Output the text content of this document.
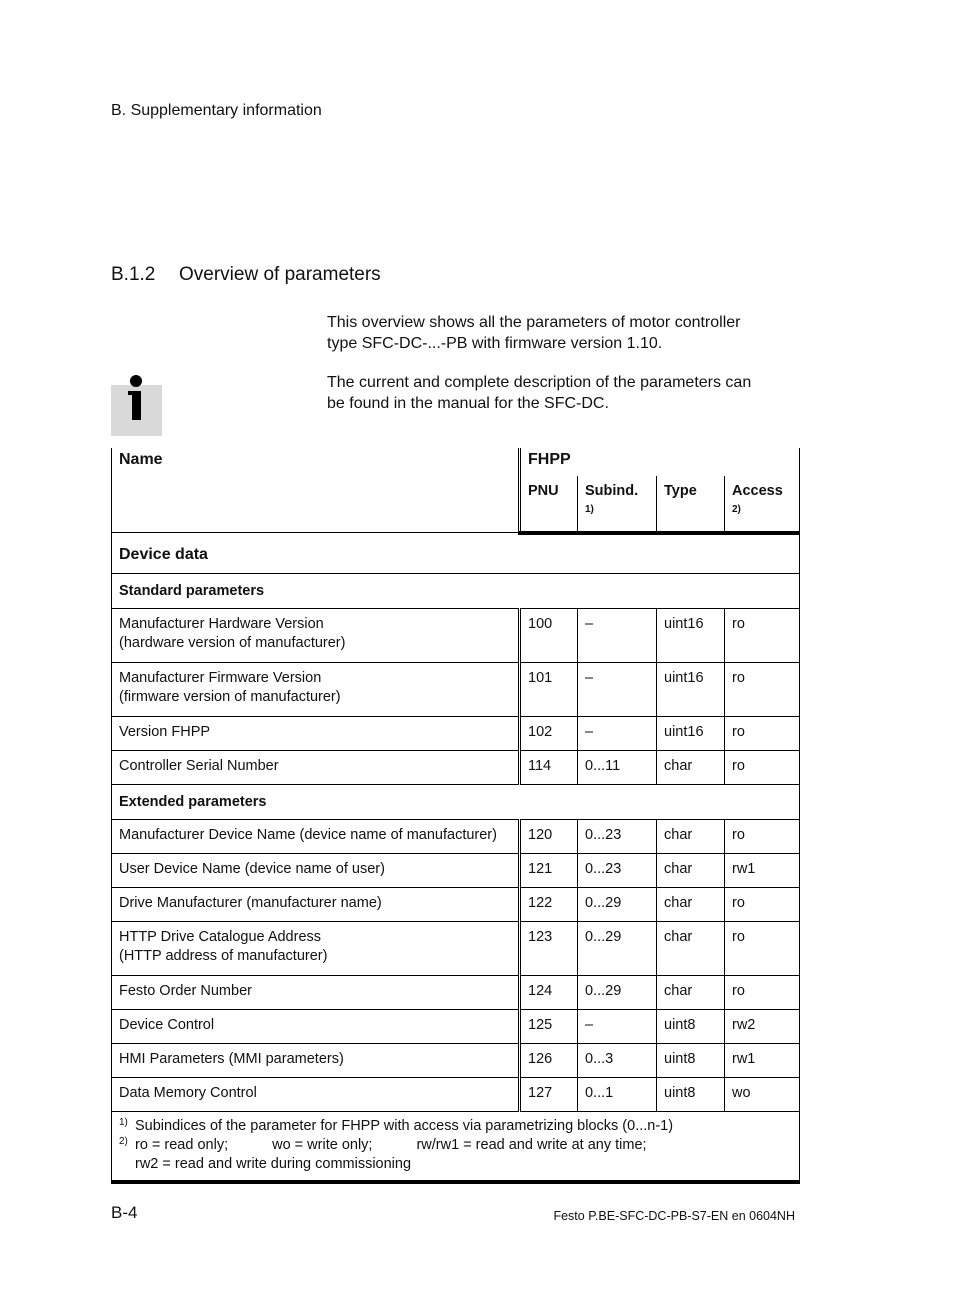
B. Supplementary information
B.1.2 Overview of parameters
This overview shows all the parameters of motor controller
type SFC-DC-...-PB with firmware version 1.10.
The current and complete description of the parameters can
be found in the manual for the SFC-DC.
Name	FHPP			
	PNU	Subind. $^{1)}$	Type	Access $^{2)}$
Device data				
Standard parameters				

Manufacturer Hardware Version
(hardware version of manufacturer)	100	–	uint16	ro

Manufacturer Firmware Version
(firmware version of manufacturer)	101	–	uint16	ro

Version FHPP	102	–	uint16	ro

Controller Serial Number	114	0...11	char	ro
Extended parameters				

Manufacturer Device Name (device name of manufacturer)	120	0...23	char	ro

User Device Name (device name of user)	121	0...23	char	rw1

Drive Manufacturer (manufacturer name)	122	0...29	char	ro

HTTP Drive Catalogue Address
(HTTP address of manufacturer)	123	0...29	char	ro

Festo Order Number	124	0...29	char	ro

Device Control	125	–	uint8	rw2

HMI Parameters (MMI parameters)	126	0...3	uint8	rw1

Data Memory Control	127	0...1	uint8	wo

1) Subindices of the parameter for FHPP with access via parametrizing blocks (0...n-1)
2) ro = read only; wo = write only; rw/rw1 = read and write at any time;
rw2 = read and write during commissioning				
B-4	Festo P.BE-SFC-DC-PB-S7-EN en 0604NH
